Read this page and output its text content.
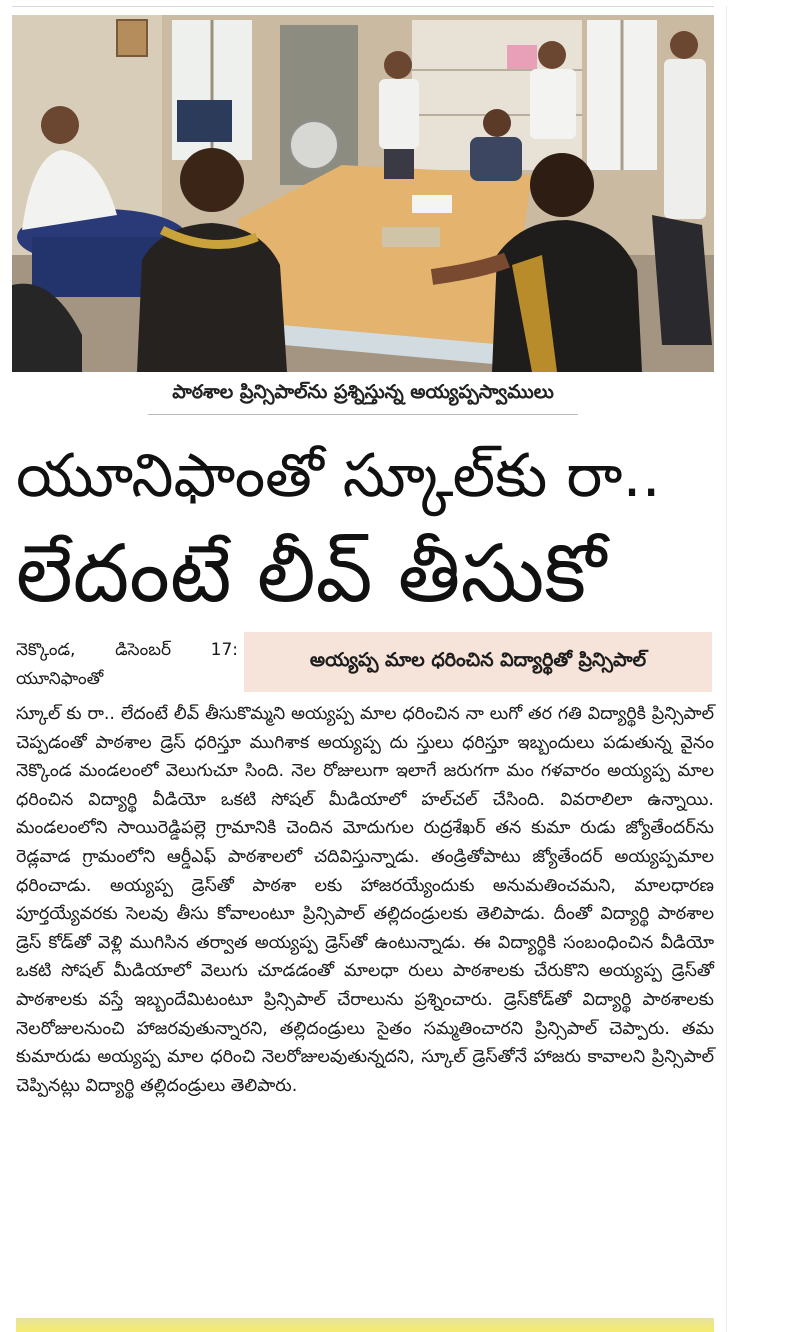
పాఠశాల ప్రిన్సిపాల్‌ను ప్రశ్నిస్తున్న అయ్యప్పస్వాములు
యూనిఫాంతో స్కూల్‌కు రా..
లేదంటే లీవ్ తీసుకో
నెక్కొండ, డిసెంబర్ 17: యూనిఫాంతో
అయ్యప్ప మాల ధరించిన విద్యార్థితో ప్రిన్సిపాల్
స్కూల్ కు రా.. లేదంటే లీవ్ తీసుకొమ్మని అయ్యప్ప మాల ధరించిన నా లుగో తర గతి విద్యార్థికి ప్రిన్సిపాల్ చెప్పడంతో పాఠశాల డ్రెస్ ధరిస్తూ ముగిశాక అయ్యప్ప దు స్తులు ధరిస్తూ ఇబ్బందులు పడుతున్న వైనం నెక్కొండ మండలంలో వెలుగుచూ సింది. నెల రోజులుగా ఇలాగే జరుగగా మం గళవారం అయ్యప్ప మాల ధరించిన విద్యార్థి వీడియో ఒకటి సోషల్ మీడియాలో హల్‌చల్ చేసింది. వివరాలిలా ఉన్నాయి. మండలంలోని సాయిరెడ్డిపల్లె గ్రామానికి చెందిన మోదుగుల రుద్రశేఖర్ తన కుమా రుడు జ్యోతేందర్‌ను రెడ్లవాడ గ్రామంలోని ఆర్డీఎఫ్ పాఠశాలలో చదివిస్తున్నాడు. తండ్రితోపాటు జ్యోతేందర్ అయ్యప్పమాల ధరించాడు. అయ్యప్ప డ్రెస్‌తో పాఠశా లకు హాజరయ్యేందుకు అనుమతించమని, మాలధారణ పూర్తయ్యేవరకు సెలవు తీసు కోవాలంటూ ప్రిన్సిపాల్ తల్లిదండ్రులకు తెలిపాడు. దీంతో విద్యార్థి పాఠశాల డ్రెస్ కోడ్‌తో వెళ్లి ముగిసిన తర్వాత అయ్యప్ప డ్రెస్‌తో ఉంటున్నాడు. ఈ విద్యార్థికి సంబంధించిన వీడియో ఒకటి సోషల్ మీడియాలో వెలుగు చూడడంతో మాలధా రులు పాఠశాలకు చేరుకొని అయ్యప్ప డ్రెస్‌తో పాఠశాలకు వస్తే ఇబ్బందేమిటంటూ ప్రిన్సిపాల్ చేరాలును ప్రశ్నించారు. డ్రెస్‌కోడ్‌తో విద్యార్థి పాఠశాలకు నెలరోజులనుంచి హాజరవుతున్నారని, తల్లిదండ్రులు సైతం సమ్మతించారని ప్రిన్సిపాల్ చెప్పారు. తమ కుమారుడు అయ్యప్ప మాల ధరించి నెలరోజులవుతున్నదని, స్కూల్ డ్రెస్‌తోనే హాజరు కావాలని ప్రిన్సిపాల్ చెప్పినట్లు విద్యార్థి తల్లిదండ్రులు తెలిపారు.
